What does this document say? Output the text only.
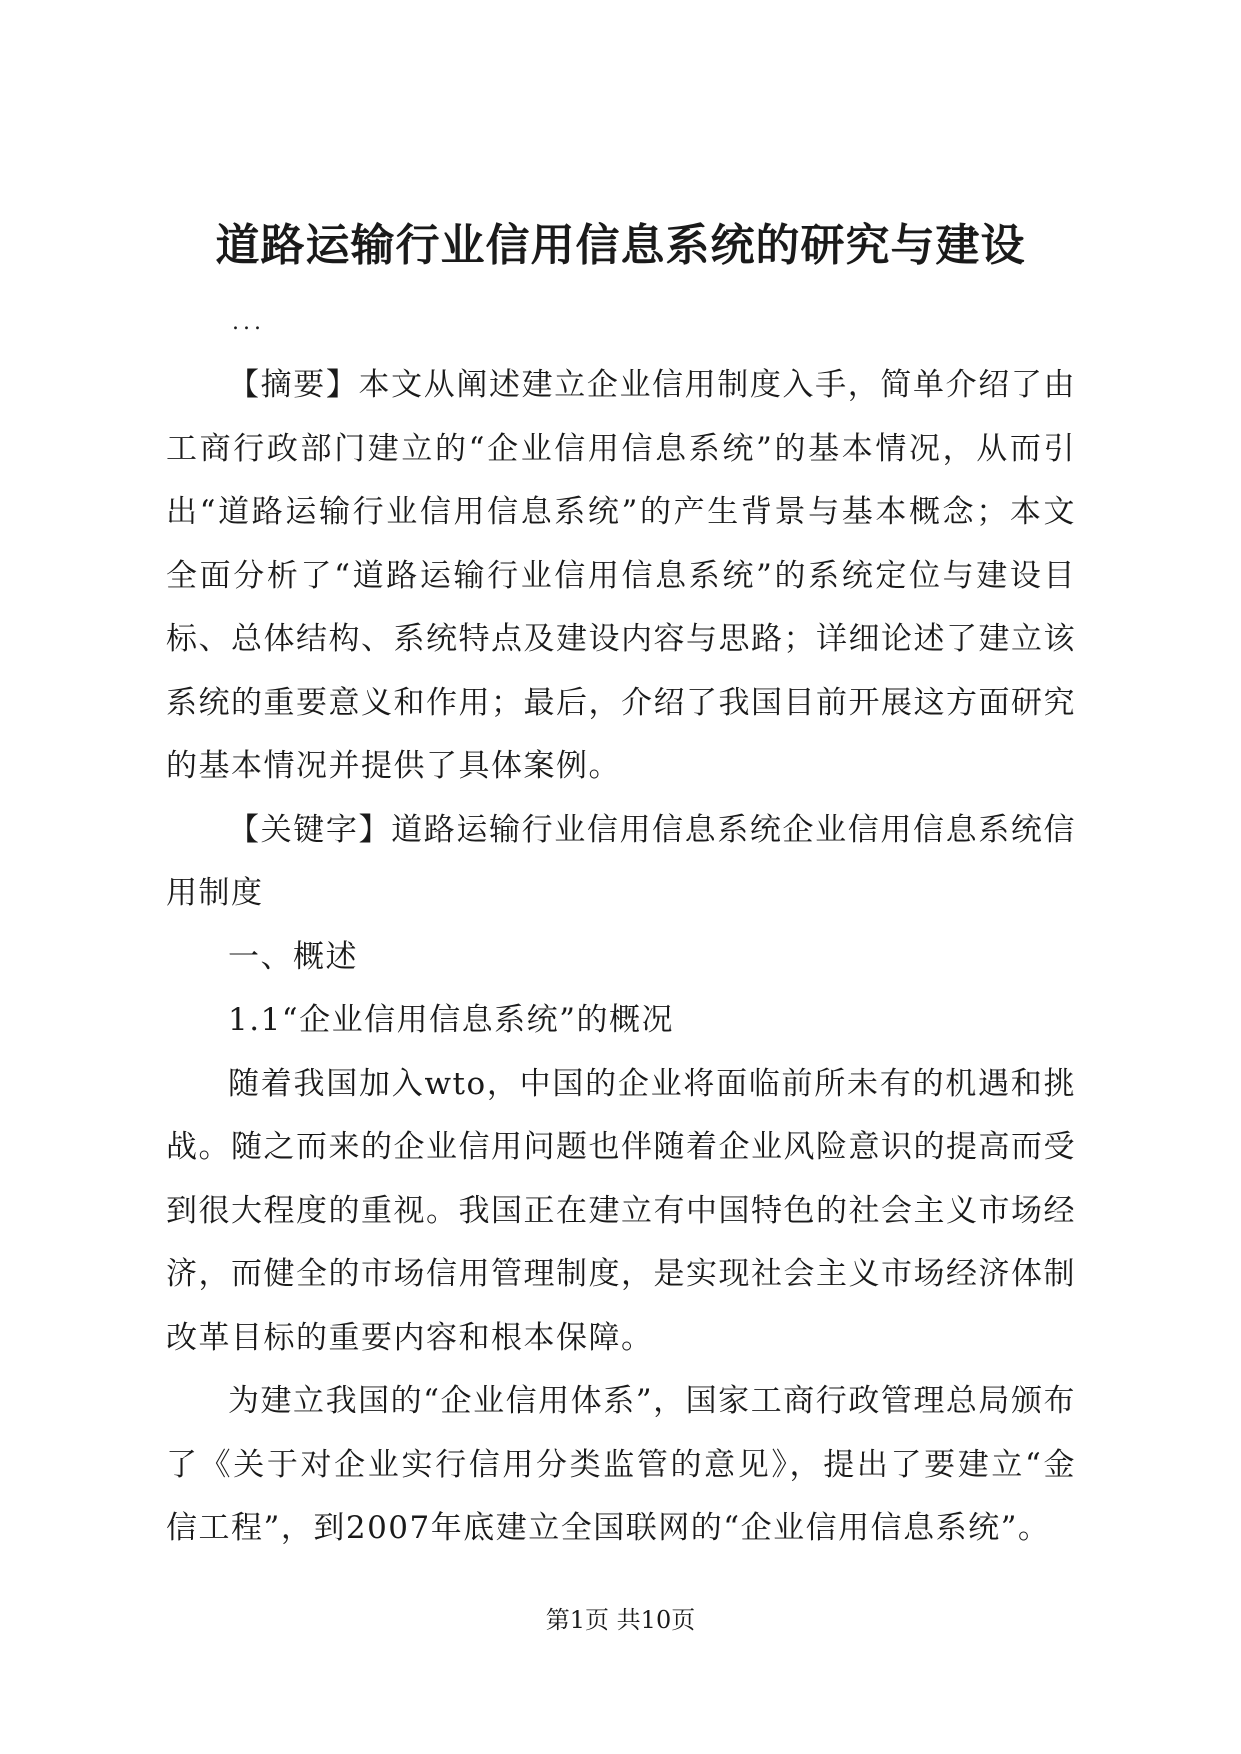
道路运输行业信用信息系统的研究与建设
...

【摘要】本文从阐述建立企业信用制度入手，简单介绍了由工商行政部门建立的“企业信用信息系统”的基本情况，从而引出“道路运输行业信用信息系统”的产生背景与基本概念；本文全面分析了“道路运输行业信用信息系统”的系统定位与建设目标、总体结构、系统特点及建设内容与思路；详细论述了建立该系统的重要意义和作用；最后，介绍了我国目前开展这方面研究的基本情况并提供了具体案例。

【关键字】道路运输行业信用信息系统企业信用信息系统信用制度

一、概述

1.1“企业信用信息系统”的概况

随着我国加入wto，中国的企业将面临前所未有的机遇和挑战。随之而来的企业信用问题也伴随着企业风险意识的提高而受到很大程度的重视。我国正在建立有中国特色的社会主义市场经济，而健全的市场信用管理制度，是实现社会主义市场经济体制改革目标的重要内容和根本保障。

为建立我国的“企业信用体系”，国家工商行政管理总局颁布了《关于对企业实行信用分类监管的意见》，提出了要建立“金信工程”，到2007年底建立全国联网的“企业信用信息系统”。

第1页 共10页
